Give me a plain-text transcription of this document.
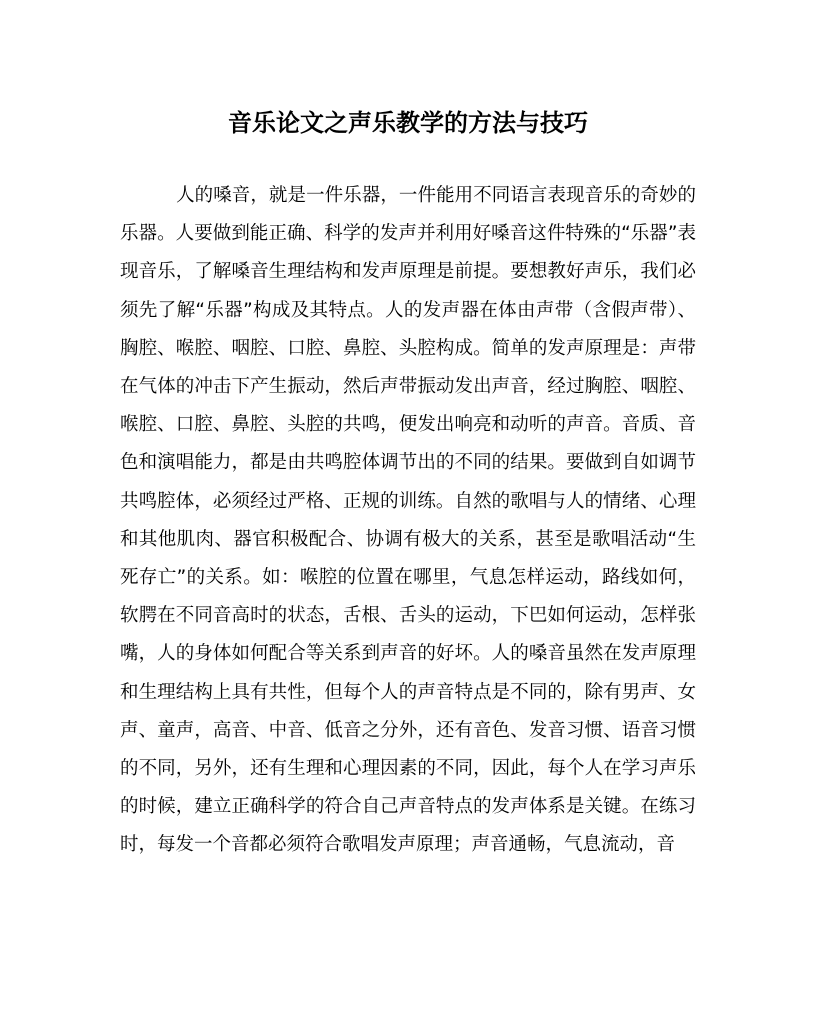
音乐论文之声乐教学的方法与技巧

人的嗓音，就是一件乐器，一件能用不同语言表现音乐的奇妙的乐器。人要做到能正确、科学的发声并利用好嗓音这件特殊的“乐器”表现音乐，了解嗓音生理结构和发声原理是前提。要想教好声乐，我们必须先了解“乐器”构成及其特点。人的发声器在体由声带（含假声带）、胸腔、喉腔、咽腔、口腔、鼻腔、头腔构成。简单的发声原理是：声带在气体的冲击下产生振动，然后声带振动发出声音，经过胸腔、咽腔、喉腔、口腔、鼻腔、头腔的共鸣，便发出响亮和动听的声音。音质、音色和演唱能力，都是由共鸣腔体调节出的不同的结果。要做到自如调节共鸣腔体，必须经过严格、正规的训练。自然的歌唱与人的情绪、心理和其他肌肉、器官积极配合、协调有极大的关系，甚至是歌唱活动“生死存亡”的关系。如：喉腔的位置在哪里，气息怎样运动，路线如何，软腭在不同音高时的状态，舌根、舌头的运动，下巴如何运动，怎样张嘴，人的身体如何配合等关系到声音的好坏。人的嗓音虽然在发声原理和生理结构上具有共性，但每个人的声音特点是不同的，除有男声、女声、童声，高音、中音、低音之分外，还有音色、发音习惯、语音习惯的不同，另外，还有生理和心理因素的不同，因此，每个人在学习声乐的时候，建立正确科学的符合自己声音特点的发声体系是关键。在练习时，每发一个音都必须符合歌唱发声原理；声音通畅，气息流动，音
